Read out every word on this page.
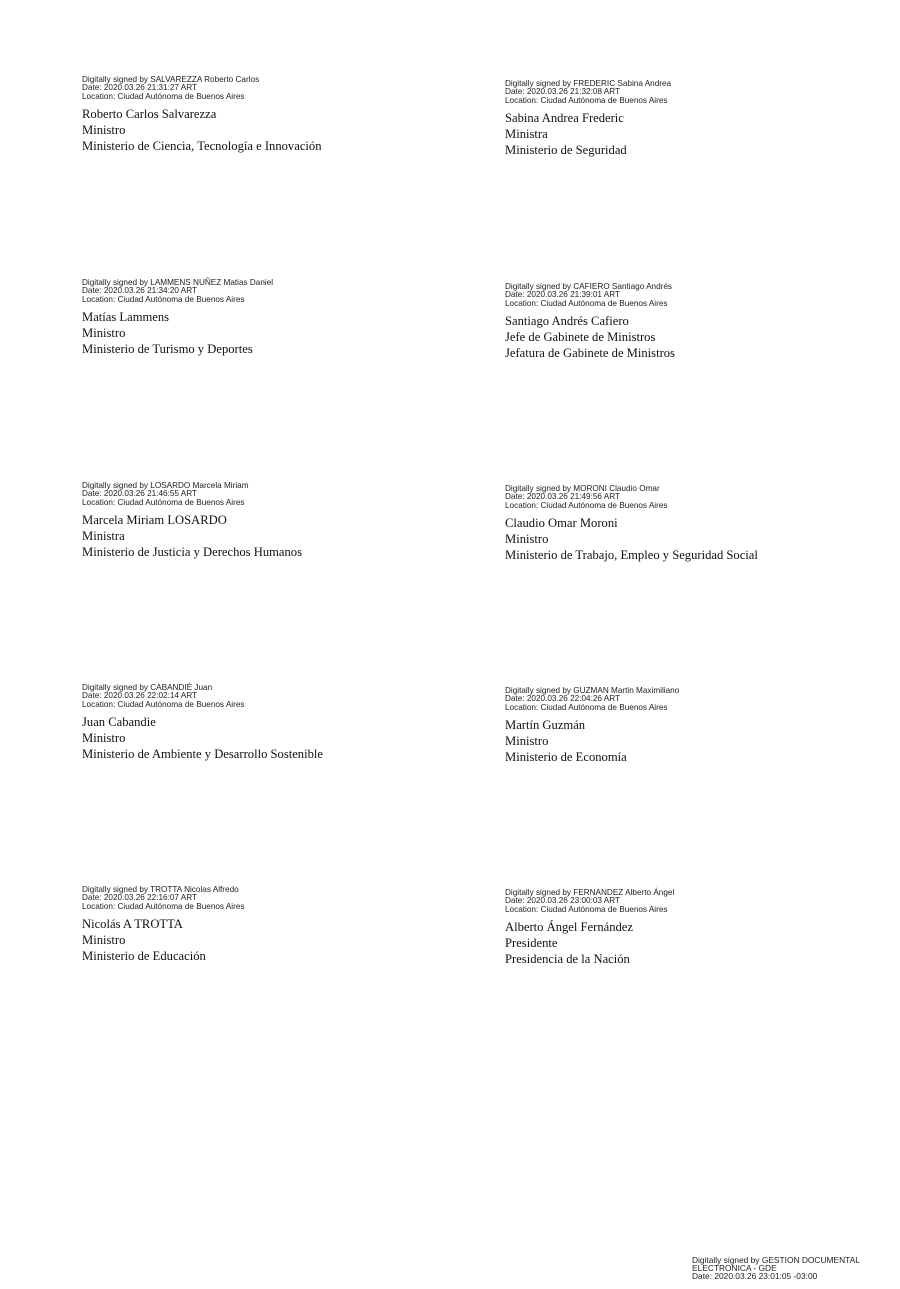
Digitally signed by SALVAREZZA Roberto Carlos
Date: 2020.03.26 21:31:27 ART
Location: Ciudad Autónoma de Buenos Aires
Roberto Carlos Salvarezza
Ministro
Ministerio de Ciencia, Tecnología e Innovación
Digitally signed by FREDERIC Sabina Andrea
Date: 2020.03.26 21:32:08 ART
Location: Ciudad Autónoma de Buenos Aires
Sabina Andrea Frederic
Ministra
Ministerio de Seguridad
Digitally signed by LAMMENS NUÑEZ Matias Daniel
Date: 2020.03.26 21:34:20 ART
Location: Ciudad Autónoma de Buenos Aires
Matías Lammens
Ministro
Ministerio de Turismo y Deportes
Digitally signed by CAFIERO Santiago Andrés
Date: 2020.03.26 21:39:01 ART
Location: Ciudad Autónoma de Buenos Aires
Santiago Andrés Cafiero
Jefe de Gabinete de Ministros
Jefatura de Gabinete de Ministros
Digitally signed by LOSARDO Marcela Miriam
Date: 2020.03.26 21:46:55 ART
Location: Ciudad Autónoma de Buenos Aires
Marcela Miriam LOSARDO
Ministra
Ministerio de Justicia y Derechos Humanos
Digitally signed by MORONI Claudio Omar
Date: 2020.03.26 21:49:56 ART
Location: Ciudad Autónoma de Buenos Aires
Claudio Omar Moroni
Ministro
Ministerio de Trabajo, Empleo y Seguridad Social
Digitally signed by CABANDIÉ Juan
Date: 2020.03.26 22:02:14 ART
Location: Ciudad Autónoma de Buenos Aires
Juan Cabandie
Ministro
Ministerio de Ambiente y Desarrollo Sostenible
Digitally signed by GUZMAN Martin Maximiliano
Date: 2020.03.26 22:04:26 ART
Location: Ciudad Autónoma de Buenos Aires
Martín Guzmán
Ministro
Ministerio de Economía
Digitally signed by TROTTA Nicolas Alfredo
Date: 2020.03.26 22:16:07 ART
Location: Ciudad Autónoma de Buenos Aires
Nicolás A TROTTA
Ministro
Ministerio de Educación
Digitally signed by FERNANDEZ Alberto Ángel
Date: 2020.03.26 23:00:03 ART
Location: Ciudad Autónoma de Buenos Aires
Alberto Ángel Fernández
Presidente
Presidencia de la Nación
Digitally signed by GESTION DOCUMENTAL
ELECTRONICA - GDE
Date: 2020.03.26 23:01:05 -03:00
